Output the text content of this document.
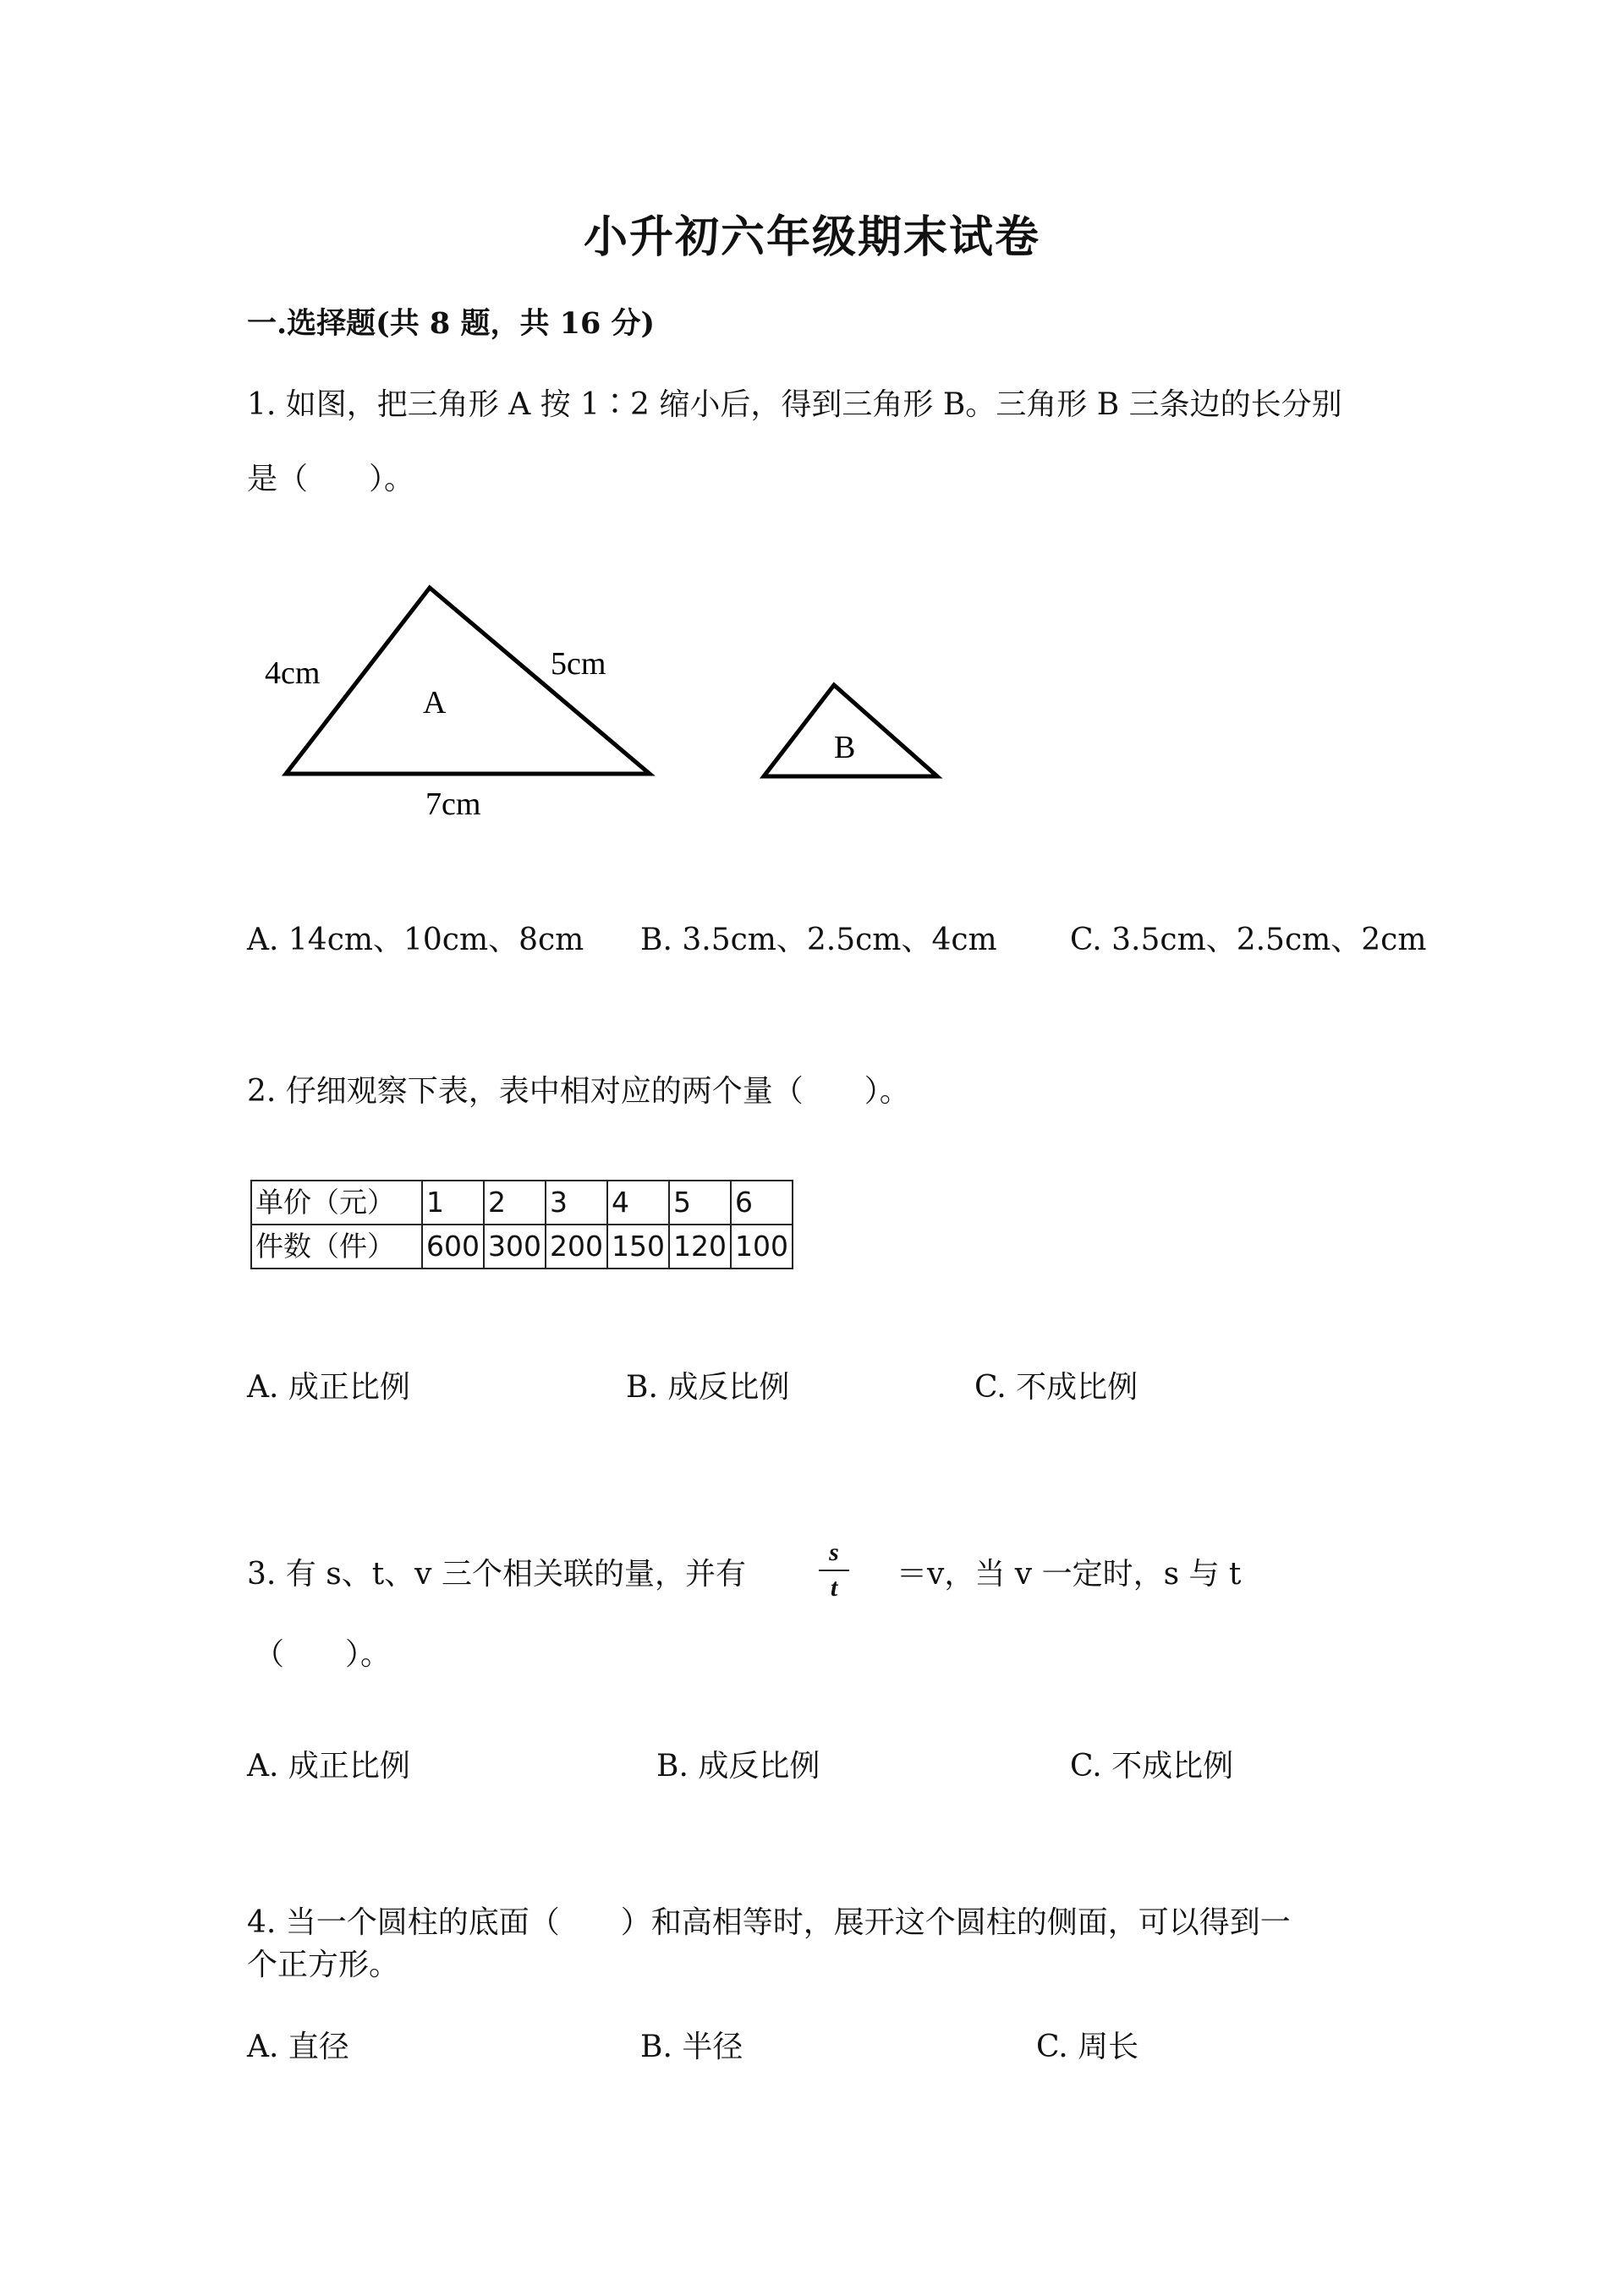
小升初六年级期末试卷
一.选择题(共 8 题，共 16 分)
1. 如图，把三角形 A 按 1∶2 缩小后，得到三角形 B。三角形 B 三条边的长分别
是（　　）。
4cm	5cm
7cm
A
B
A. 14cm、10cm、8cm B. 3.5cm、2.5cm、4cm C. 3.5cm、2.5cm、2cm
2. 仔细观察下表，表中相对应的两个量（　　）。
单价（元）	1	2	3	4	5	6
件数（件）	600	300	200	150	120	100
A. 成正比例	B. 成反比例	C. 不成比例
3. 有 s、t、v 三个相关联的量，并有
s
t	＝v，当 v 一定时，s 与 t
（　　）。
A. 成正比例	B. 成反比例	C. 不成比例
4. 当一个圆柱的底面（　　）和高相等时，展开这个圆柱的侧面，可以得到一
个正方形。
A. 直径	B. 半径	C. 周长
